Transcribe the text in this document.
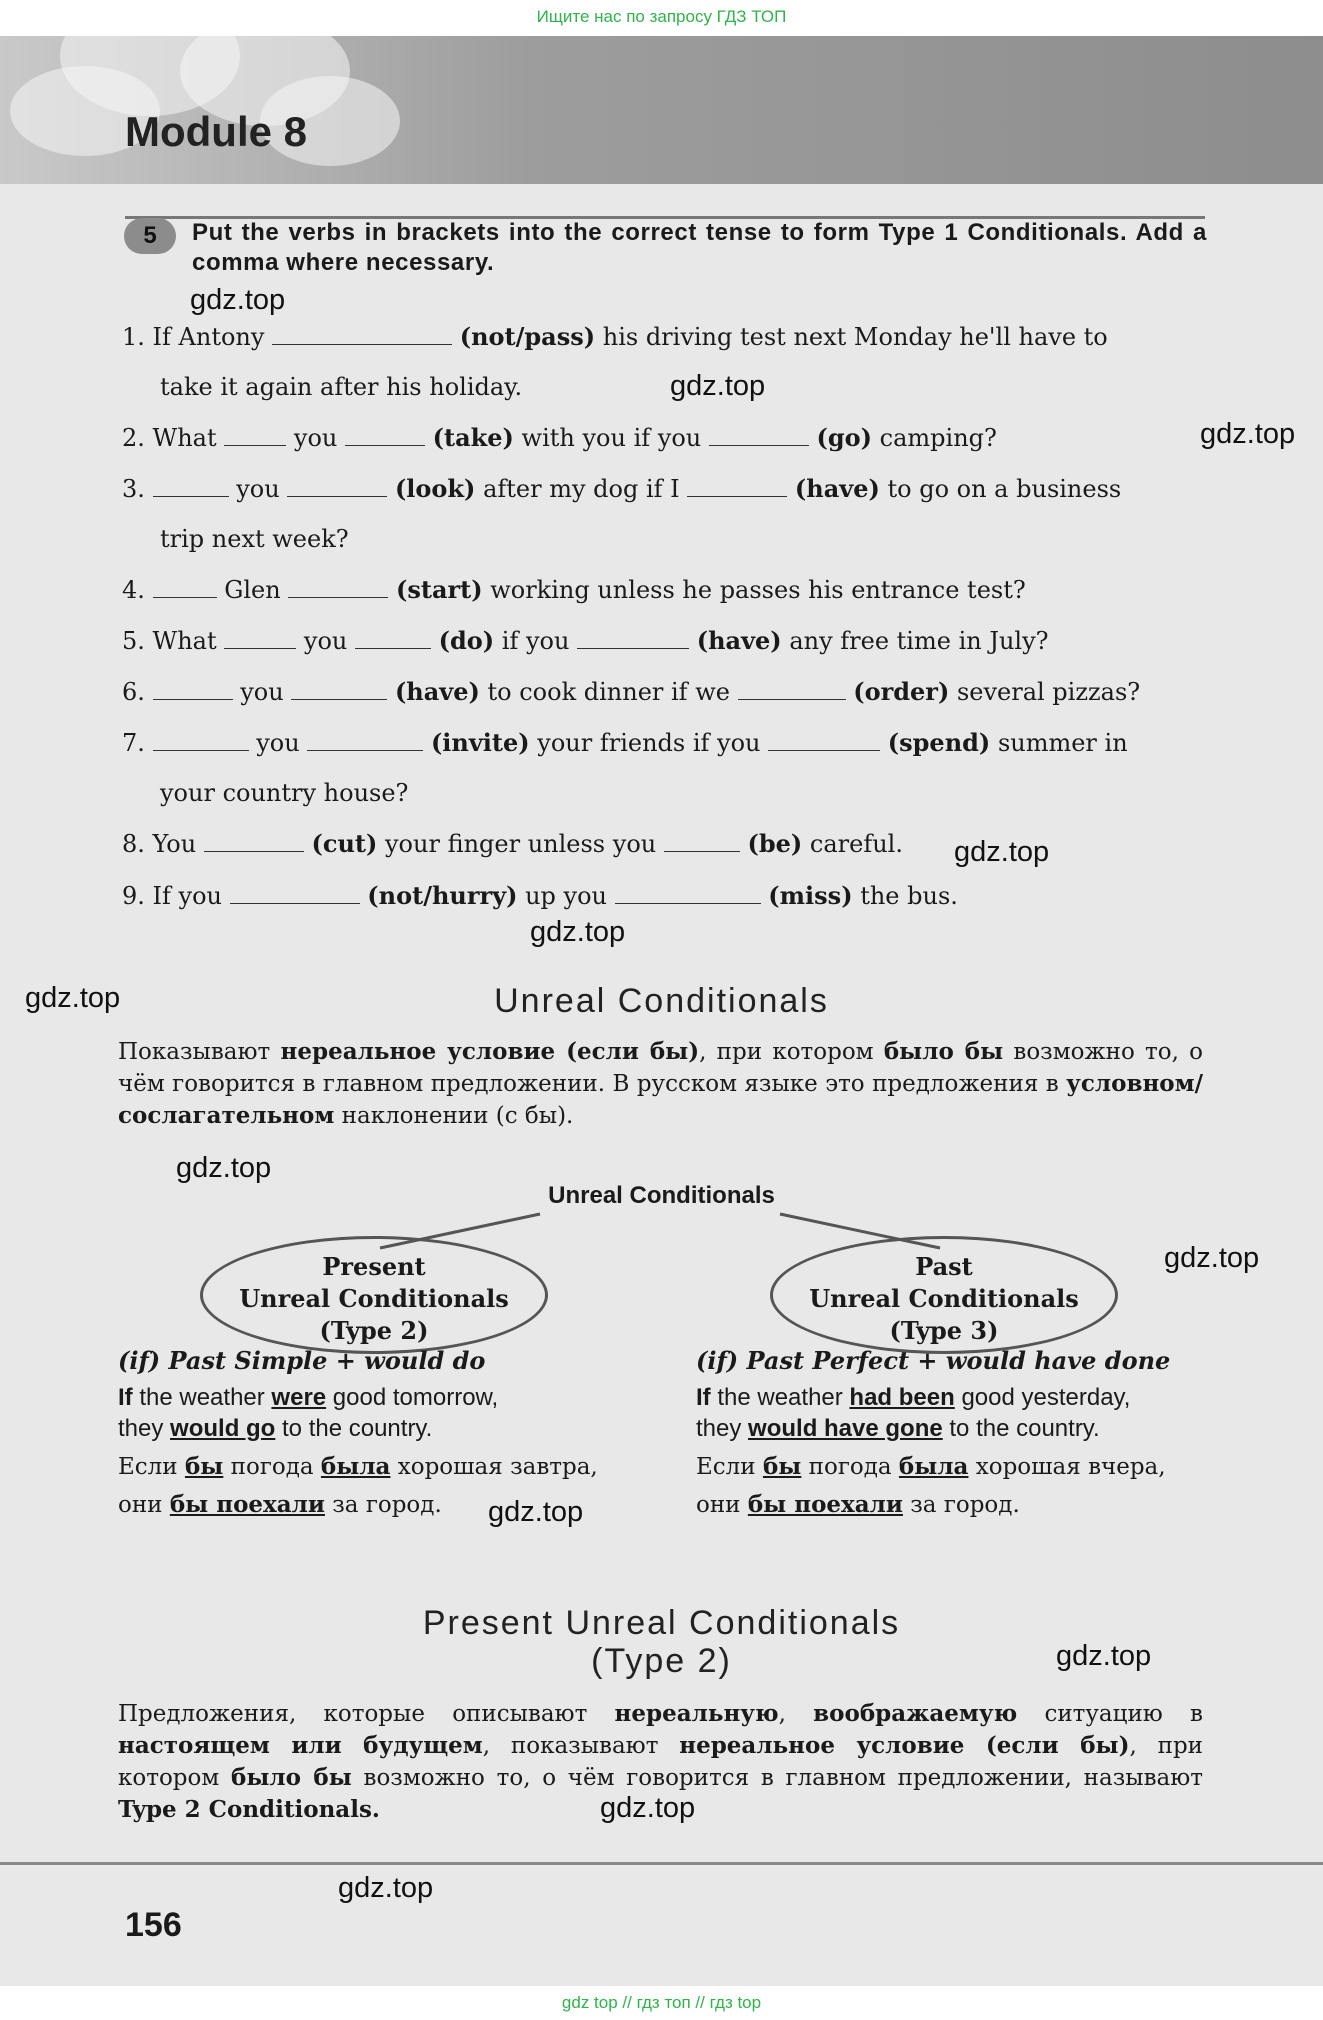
Ищите нас по запросу ГДЗ ТОП
Module 8
5	Put the verbs in brackets into the correct tense to form Type 1 Conditionals. Add a comma where necessary.
1. If Antony	(not/pass) his driving test next Monday he'll have to
take it again after his holiday.
2. What	you	(take) with you if you	(go) camping?
3.	you	(look) after my dog if I	(have) to go on a business
trip next week?
4.	Glen	(start) working unless he passes his entrance test?
5. What	you	(do) if you	(have) any free time in July?
6.	you	(have) to cook dinner if we	(order) several pizzas?
7.	you	(invite) your friends if you	(spend) summer in
your country house?
8. You	(cut) your finger unless you	(be) careful.
9. If you	(not/hurry) up you	(miss) the bus.
Unreal Conditionals
Показывают нереальное условие (если бы), при котором было бы возможно то, о чём говорится в главном предложении. В русском языке это предложения в условном/сослагательном наклонении (с бы).
Unreal Conditionals
Present
Unreal Conditionals
(Type 2)
Past
Unreal Conditionals
(Type 3)
(if) Past Simple + would do	(if) Past Perfect + would have done
If the weather were good tomorrow,
they would go to the country.
If the weather had been good yesterday,
they would have gone to the country.
Если бы погода была хорошая завтра,
они бы поехали за город.
Если бы погода была хорошая вчера,
они бы поехали за город.
Present Unreal Conditionals
(Type 2)
Предложения, которые описывают нереальную, воображаемую ситуацию в настоящем или будущем, показывают нереальное условие (если бы), при котором было бы возможно то, о чём говорится в главном предложении, называют Type 2 Conditionals.
156
gdz.top
gdz.top
gdz.top
gdz.top
gdz.top
gdz.top
gdz.top
gdz.top
gdz.top
gdz.top
gdz.top
gdz.top
gdz top // гдз топ // гдз top
